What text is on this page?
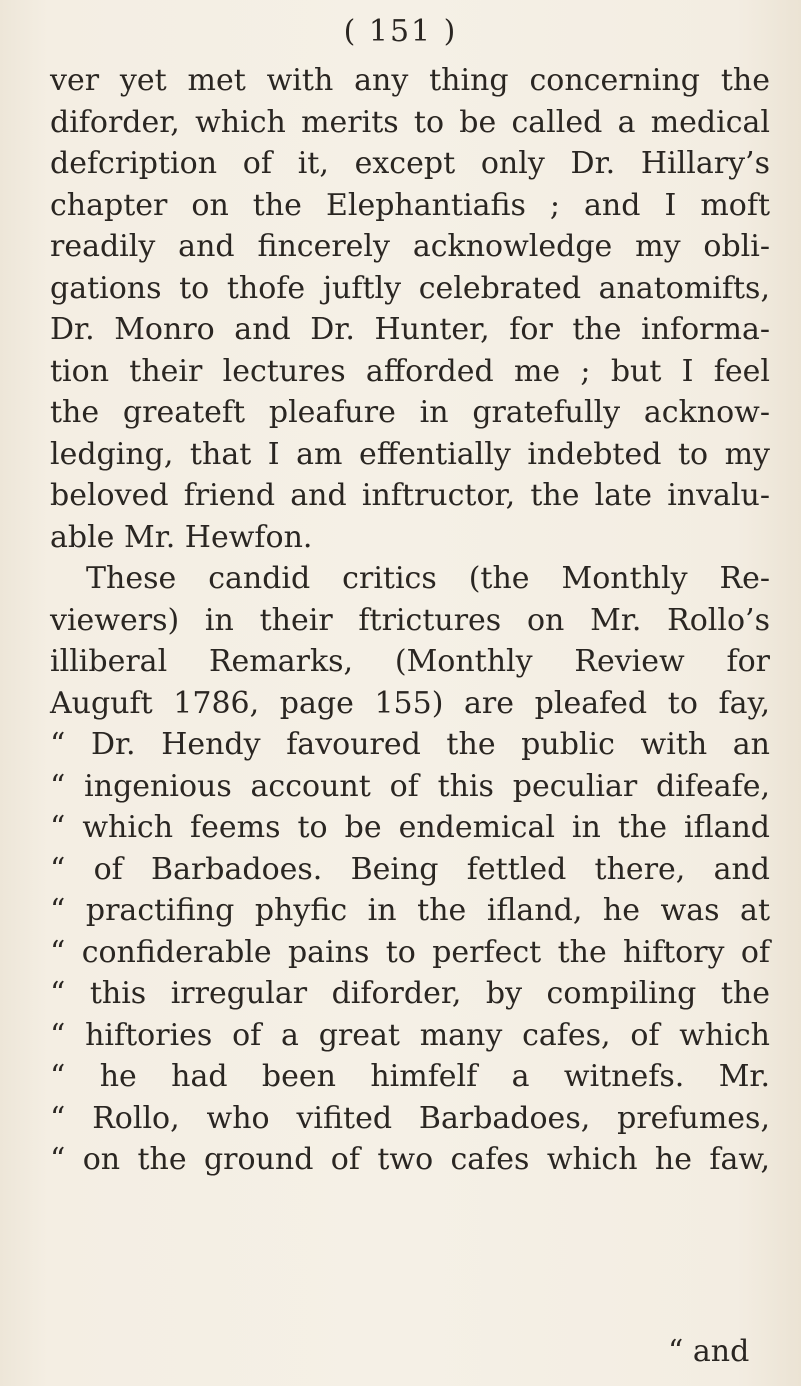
( 151 )
ver yet met with any thing concerning the
diforder, which merits to be called a medical
defcription of it, except only Dr. Hillary’s
chapter on the Elephantiafis ; and I moft
readily and fincerely acknowledge my obli-
gations to thofe juftly celebrated anatomifts,
Dr. Monro and Dr. Hunter, for the informa-
tion their lectures afforded me ; but I feel
the greateft pleafure in gratefully acknow-
ledging, that I am effentially indebted to my
beloved friend and inftructor, the late invalu-
able Mr. Hewfon.
These candid critics (the Monthly Re-
viewers) in their ftrictures on Mr. Rollo’s
illiberal Remarks, (Monthly Review for
Auguft 1786, page 155) are pleafed to fay,
“ Dr. Hendy favoured the public with an
“ ingenious account of this peculiar difeafe,
“ which feems to be endemical in the ifland
“ of Barbadoes. Being fettled there, and
“ practifing phyfic in the ifland, he was at
“ confiderable pains to perfect the hiftory of
“ this irregular diforder, by compiling the
“ hiftories of a great many cafes, of which
“ he had been himfelf a witnefs. Mr.
“ Rollo, who vifited Barbadoes, prefumes,
“ on the ground of two cafes which he faw,
“ and
